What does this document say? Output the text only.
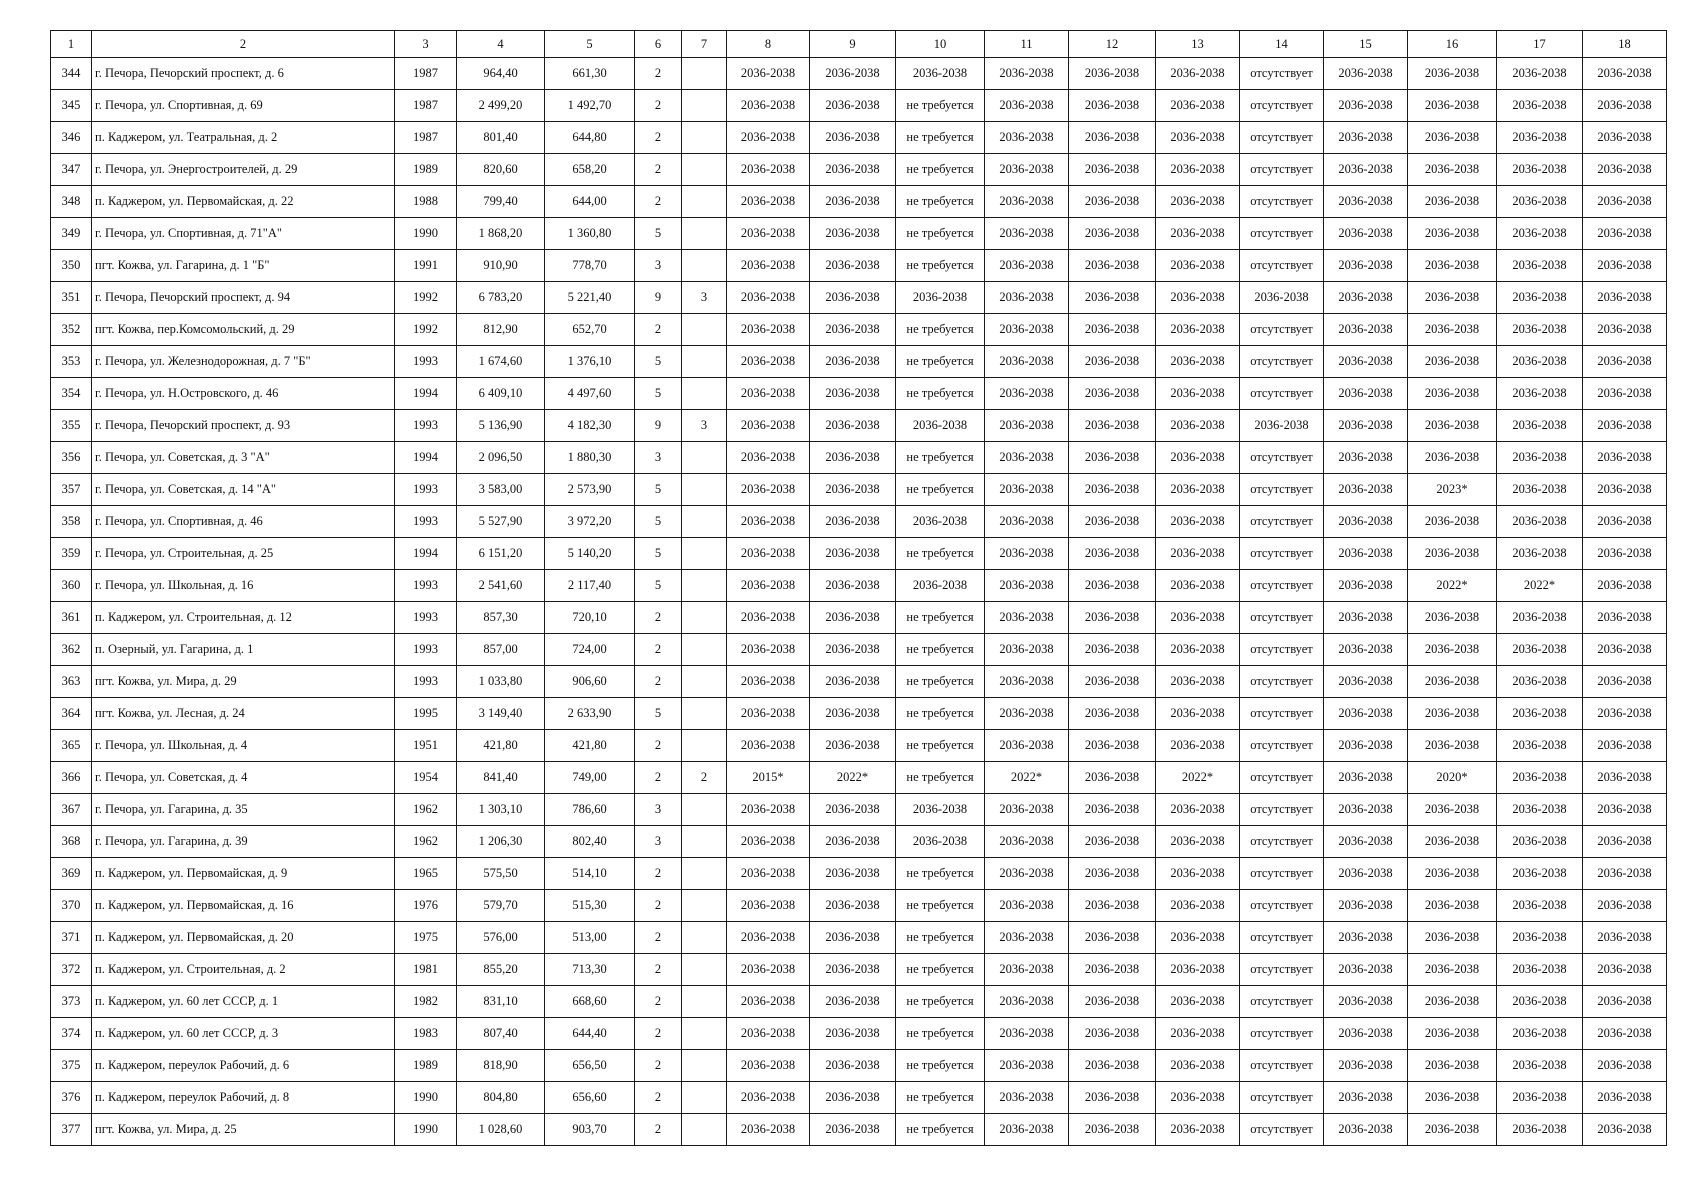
1	2	3	4	5	6	7	8	9	10	11	12	13	14	15	16	17	18
344	г. Печора, Печорский проспект, д. 6	1987	964,40	661,30	2		2036-2038	2036-2038	2036-2038	2036-2038	2036-2038	2036-2038	отсутствует	2036-2038	2036-2038	2036-2038	2036-2038
345	г. Печора, ул. Спортивная, д. 69	1987	2 499,20	1 492,70	2		2036-2038	2036-2038	не требуется	2036-2038	2036-2038	2036-2038	отсутствует	2036-2038	2036-2038	2036-2038	2036-2038
346	п. Каджером, ул. Театральная, д. 2	1987	801,40	644,80	2		2036-2038	2036-2038	не требуется	2036-2038	2036-2038	2036-2038	отсутствует	2036-2038	2036-2038	2036-2038	2036-2038
347	г. Печора, ул. Энергостроителей, д. 29	1989	820,60	658,20	2		2036-2038	2036-2038	не требуется	2036-2038	2036-2038	2036-2038	отсутствует	2036-2038	2036-2038	2036-2038	2036-2038
348	п. Каджером, ул. Первомайская, д. 22	1988	799,40	644,00	2		2036-2038	2036-2038	не требуется	2036-2038	2036-2038	2036-2038	отсутствует	2036-2038	2036-2038	2036-2038	2036-2038
349	г. Печора, ул. Спортивная, д. 71"А"	1990	1 868,20	1 360,80	5		2036-2038	2036-2038	не требуется	2036-2038	2036-2038	2036-2038	отсутствует	2036-2038	2036-2038	2036-2038	2036-2038
350	пгт. Кожва, ул. Гагарина, д. 1 "Б"	1991	910,90	778,70	3		2036-2038	2036-2038	не требуется	2036-2038	2036-2038	2036-2038	отсутствует	2036-2038	2036-2038	2036-2038	2036-2038
351	г. Печора, Печорский проспект, д. 94	1992	6 783,20	5 221,40	9	3	2036-2038	2036-2038	2036-2038	2036-2038	2036-2038	2036-2038	2036-2038	2036-2038	2036-2038	2036-2038	2036-2038
352	пгт. Кожва, пер.Комсомольский, д. 29	1992	812,90	652,70	2		2036-2038	2036-2038	не требуется	2036-2038	2036-2038	2036-2038	отсутствует	2036-2038	2036-2038	2036-2038	2036-2038
353	г. Печора, ул. Железнодорожная, д. 7 "Б"	1993	1 674,60	1 376,10	5		2036-2038	2036-2038	не требуется	2036-2038	2036-2038	2036-2038	отсутствует	2036-2038	2036-2038	2036-2038	2036-2038
354	г. Печора, ул. Н.Островского, д. 46	1994	6 409,10	4 497,60	5		2036-2038	2036-2038	не требуется	2036-2038	2036-2038	2036-2038	отсутствует	2036-2038	2036-2038	2036-2038	2036-2038
355	г. Печора, Печорский проспект, д. 93	1993	5 136,90	4 182,30	9	3	2036-2038	2036-2038	2036-2038	2036-2038	2036-2038	2036-2038	2036-2038	2036-2038	2036-2038	2036-2038	2036-2038
356	г. Печора, ул. Советская, д. 3 "А"	1994	2 096,50	1 880,30	3		2036-2038	2036-2038	не требуется	2036-2038	2036-2038	2036-2038	отсутствует	2036-2038	2036-2038	2036-2038	2036-2038
357	г. Печора, ул. Советская, д. 14 "А"	1993	3 583,00	2 573,90	5		2036-2038	2036-2038	не требуется	2036-2038	2036-2038	2036-2038	отсутствует	2036-2038	2023*	2036-2038	2036-2038
358	г. Печора, ул. Спортивная, д. 46	1993	5 527,90	3 972,20	5		2036-2038	2036-2038	2036-2038	2036-2038	2036-2038	2036-2038	отсутствует	2036-2038	2036-2038	2036-2038	2036-2038
359	г. Печора, ул. Строительная, д. 25	1994	6 151,20	5 140,20	5		2036-2038	2036-2038	не требуется	2036-2038	2036-2038	2036-2038	отсутствует	2036-2038	2036-2038	2036-2038	2036-2038
360	г. Печора, ул. Школьная, д. 16	1993	2 541,60	2 117,40	5		2036-2038	2036-2038	2036-2038	2036-2038	2036-2038	2036-2038	отсутствует	2036-2038	2022*	2022*	2036-2038
361	п. Каджером, ул. Строительная, д. 12	1993	857,30	720,10	2		2036-2038	2036-2038	не требуется	2036-2038	2036-2038	2036-2038	отсутствует	2036-2038	2036-2038	2036-2038	2036-2038
362	п. Озерный, ул. Гагарина, д. 1	1993	857,00	724,00	2		2036-2038	2036-2038	не требуется	2036-2038	2036-2038	2036-2038	отсутствует	2036-2038	2036-2038	2036-2038	2036-2038
363	пгт. Кожва, ул. Мира, д. 29	1993	1 033,80	906,60	2		2036-2038	2036-2038	не требуется	2036-2038	2036-2038	2036-2038	отсутствует	2036-2038	2036-2038	2036-2038	2036-2038
364	пгт. Кожва, ул. Лесная, д. 24	1995	3 149,40	2 633,90	5		2036-2038	2036-2038	не требуется	2036-2038	2036-2038	2036-2038	отсутствует	2036-2038	2036-2038	2036-2038	2036-2038
365	г. Печора, ул. Школьная, д. 4	1951	421,80	421,80	2		2036-2038	2036-2038	не требуется	2036-2038	2036-2038	2036-2038	отсутствует	2036-2038	2036-2038	2036-2038	2036-2038
366	г. Печора, ул. Советская, д. 4	1954	841,40	749,00	2	2	2015*	2022*	не требуется	2022*	2036-2038	2022*	отсутствует	2036-2038	2020*	2036-2038	2036-2038
367	г. Печора, ул. Гагарина, д. 35	1962	1 303,10	786,60	3		2036-2038	2036-2038	2036-2038	2036-2038	2036-2038	2036-2038	отсутствует	2036-2038	2036-2038	2036-2038	2036-2038
368	г. Печора, ул. Гагарина, д. 39	1962	1 206,30	802,40	3		2036-2038	2036-2038	2036-2038	2036-2038	2036-2038	2036-2038	отсутствует	2036-2038	2036-2038	2036-2038	2036-2038
369	п. Каджером, ул. Первомайская, д. 9	1965	575,50	514,10	2		2036-2038	2036-2038	не требуется	2036-2038	2036-2038	2036-2038	отсутствует	2036-2038	2036-2038	2036-2038	2036-2038
370	п. Каджером, ул. Первомайская, д. 16	1976	579,70	515,30	2		2036-2038	2036-2038	не требуется	2036-2038	2036-2038	2036-2038	отсутствует	2036-2038	2036-2038	2036-2038	2036-2038
371	п. Каджером, ул. Первомайская, д. 20	1975	576,00	513,00	2		2036-2038	2036-2038	не требуется	2036-2038	2036-2038	2036-2038	отсутствует	2036-2038	2036-2038	2036-2038	2036-2038
372	п. Каджером, ул. Строительная, д. 2	1981	855,20	713,30	2		2036-2038	2036-2038	не требуется	2036-2038	2036-2038	2036-2038	отсутствует	2036-2038	2036-2038	2036-2038	2036-2038
373	п. Каджером, ул. 60 лет СССР, д. 1	1982	831,10	668,60	2		2036-2038	2036-2038	не требуется	2036-2038	2036-2038	2036-2038	отсутствует	2036-2038	2036-2038	2036-2038	2036-2038
374	п. Каджером, ул. 60 лет СССР, д. 3	1983	807,40	644,40	2		2036-2038	2036-2038	не требуется	2036-2038	2036-2038	2036-2038	отсутствует	2036-2038	2036-2038	2036-2038	2036-2038
375	п. Каджером, переулок Рабочий, д. 6	1989	818,90	656,50	2		2036-2038	2036-2038	не требуется	2036-2038	2036-2038	2036-2038	отсутствует	2036-2038	2036-2038	2036-2038	2036-2038
376	п. Каджером, переулок Рабочий, д. 8	1990	804,80	656,60	2		2036-2038	2036-2038	не требуется	2036-2038	2036-2038	2036-2038	отсутствует	2036-2038	2036-2038	2036-2038	2036-2038
377	пгт. Кожва, ул. Мира, д. 25	1990	1 028,60	903,70	2		2036-2038	2036-2038	не требуется	2036-2038	2036-2038	2036-2038	отсутствует	2036-2038	2036-2038	2036-2038	2036-2038
